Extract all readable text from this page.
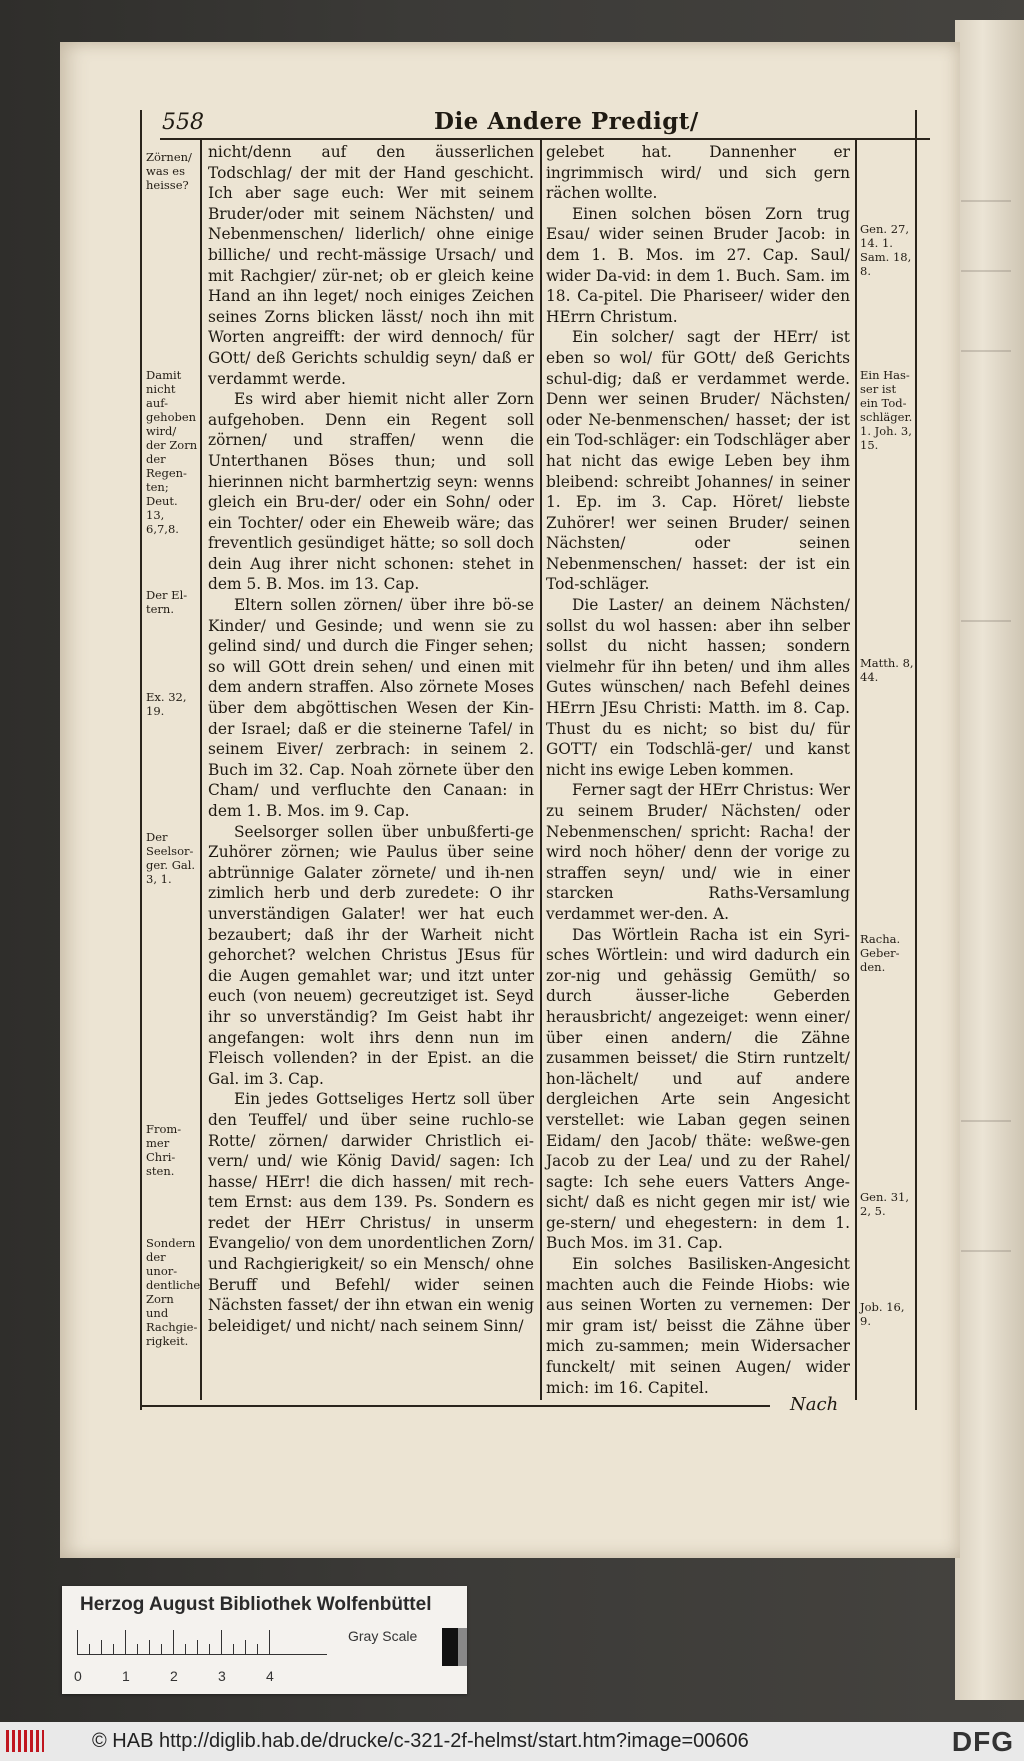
558	Die Andere Predigt/

nicht/denn auf den äusserlichen Todschlag/ der mit der Hand geschicht. Ich aber sage euch: Wer mit seinem Bruder/oder mit seinem Nächsten/ und Nebenmenschen/ liderlich/ ohne einige billiche/ und recht-mässige Ursach/ und mit Rachgier/ zür-net; ob er gleich keine Hand an ihn leget/ noch einiges Zeichen seines Zorns blicken lässt/ noch ihn mit Worten angreifft: der wird dennoch/ für GOtt/ deß Gerichts schuldig seyn/ daß er verdammt werde.

Es wird aber hiemit nicht aller Zorn aufgehoben. Denn ein Regent soll zörnen/ und straffen/ wenn die Unterthanen Böses thun; und soll hierinnen nicht barmhertzig seyn: wenns gleich ein Bru-der/ oder ein Sohn/ oder ein Tochter/ oder ein Eheweib wäre; das freventlich gesündiget hätte; so soll doch dein Aug ihrer nicht schonen: stehet in dem 5. B. Mos. im 13. Cap.

Eltern sollen zörnen/ über ihre bö-se Kinder/ und Gesinde; und wenn sie zu gelind sind/ und durch die Finger sehen; so will GOtt drein sehen/ und einen mit dem andern straffen. Also zörnete Moses über dem abgöttischen Wesen der Kin-der Israel; daß er die steinerne Tafel/ in seinem Eiver/ zerbrach: in seinem 2. Buch im 32. Cap. Noah zörnete über den Cham/ und verfluchte den Canaan: in dem 1. B. Mos. im 9. Cap.

Seelsorger sollen über unbußferti-ge Zuhörer zörnen; wie Paulus über seine abtrünnige Galater zörnete/ und ih-nen zimlich herb und derb zuredete: O ihr unverständigen Galater! wer hat euch bezaubert; daß ihr der Warheit nicht gehorchet? welchen Christus JEsus für die Augen gemahlet war; und itzt unter euch (von neuem) gecreutziget ist. Seyd ihr so unverständig? Im Geist habt ihr angefangen: wolt ihrs denn nun im Fleisch vollenden? in der Epist. an die Gal. im 3. Cap.

Ein jedes Gottseliges Hertz soll über den Teuffel/ und über seine ruchlo-se Rotte/ zörnen/ darwider Christlich ei-vern/ und/ wie König David/ sagen: Ich hasse/ HErr! die dich hassen/ mit rech-tem Ernst: aus dem 139. Ps. Sondern es redet der HErr Christus/ in unserm Evangelio/ von dem unordentlichen Zorn/ und Rachgierigkeit/ so ein Mensch/ ohne Beruff und Befehl/ wider seinen Nächsten fasset/ der ihn etwan ein wenig beleidiget/ und nicht/ nach seinem Sinn/

gelebet hat. Dannenher er ingrimmisch wird/ und sich gern rächen wollte.

Einen solchen bösen Zorn trug Esau/ wider seinen Bruder Jacob: in dem 1. B. Mos. im 27. Cap. Saul/ wider Da-vid: in dem 1. Buch. Sam. im 18. Ca-pitel. Die Phariseer/ wider den HErrn Christum.

Ein solcher/ sagt der HErr/ ist eben so wol/ für GOtt/ deß Gerichts schul-dig; daß er verdammet werde. Denn wer seinen Bruder/ Nächsten/ oder Ne-benmenschen/ hasset; der ist ein Tod-schläger: ein Todschläger aber hat nicht das ewige Leben bey ihm bleibend: schreibt Johannes/ in seiner 1. Ep. im 3. Cap. Höret/ liebste Zuhörer! wer seinen Bruder/ seinen Nächsten/ oder seinen Nebenmenschen/ hasset: der ist ein Tod-schläger.

Die Laster/ an deinem Nächsten/ sollst du wol hassen: aber ihn selber sollst du nicht hassen; sondern vielmehr für ihn beten/ und ihm alles Gutes wünschen/ nach Befehl deines HErrn JEsu Christi: Matth. im 8. Cap. Thust du es nicht; so bist du/ für GOTT/ ein Todschlä-ger/ und kanst nicht ins ewige Leben kommen.

Ferner sagt der HErr Christus: Wer zu seinem Bruder/ Nächsten/ oder Nebenmenschen/ spricht: Racha! der wird noch höher/ denn der vorige zu straffen seyn/ und/ wie in einer starcken Raths-Versamlung verdammet wer-den. A.

Das Wörtlein Racha ist ein Syri-sches Wörtlein: und wird dadurch ein zor-nig und gehässig Gemüth/ so durch äusser-liche Geberden herausbricht/ angezeiget: wenn einer/ über einen andern/ die Zähne zusammen beisset/ die Stirn runtzelt/ hon-lächelt/ und auf andere dergleichen Arte sein Angesicht verstellet: wie Laban gegen seinen Eidam/ den Jacob/ thäte: weßwe-gen Jacob zu der Lea/ und zu der Rahel/ sagte: Ich sehe euers Vatters Ange-sicht/ daß es nicht gegen mir ist/ wie ge-stern/ und ehegestern: in dem 1. Buch Mos. im 31. Cap.

Ein solches Basilisken-Angesicht machten auch die Feinde Hiobs: wie aus seinen Worten zu vernemen: Der mir gram ist/ beisst die Zähne über mich zu-sammen; mein Widersacher funckelt/ mit seinen Augen/ wider mich: im 16. Capitel.

Zörnen/ was es heisse?
Damit nicht auf-gehoben wird/ der Zorn der Regen-ten; Deut. 13, 6,7,8.
Der El-tern.
Ex. 32, 19.
Der Seelsor-ger. Gal. 3, 1.
From-mer Chri-sten.
Sondern der unor-dentliche Zorn und Rachgie-rigkeit.
Gen. 27, 14. 1. Sam. 18, 8.
Ein Has-ser ist ein Tod-schläger. 1. Joh. 3, 15.
Matth. 8, 44.
Racha. Geber-den.
Gen. 31, 2, 5.
Job. 16, 9.
Nach
Herzog August Bibliothek Wolfenbüttel
0	1	2	3	4
Gray Scale
© HAB http://diglib.hab.de/drucke/c-321-2f-helmst/start.htm?image=00606	DFG
